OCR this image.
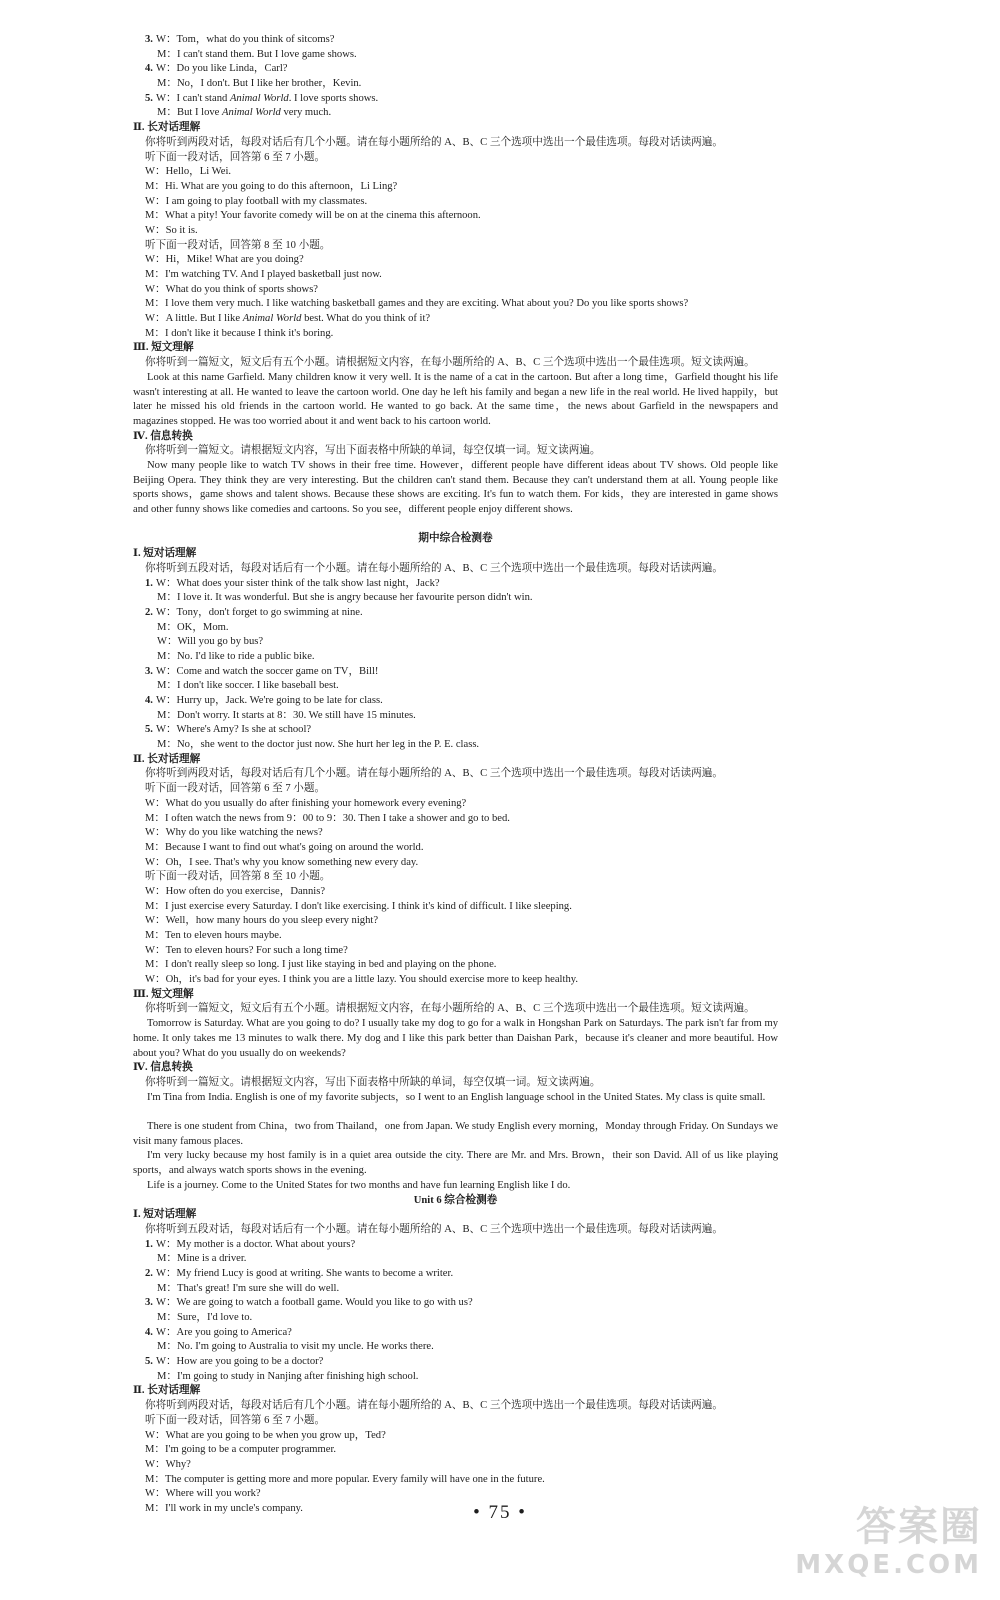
3. W：Tom，what do you think of sitcoms?
M：I can't stand them. But I love game shows.
4. W：Do you like Linda，Carl?
M：No，I don't. But I like her brother，Kevin.
5. W：I can't stand Animal World. I love sports shows.
M：But I love Animal World very much.
Ⅱ. 长对话理解
你将听到两段对话，每段对话后有几个小题。请在每小题所给的 A、B、C 三个选项中选出一个最佳选项。每段对话读两遍。
听下面一段对话，回答第 6 至 7 小题。
W：Hello，Li Wei.
M：Hi. What are you going to do this afternoon，Li Ling?
W：I am going to play football with my classmates.
M：What a pity! Your favorite comedy will be on at the cinema this afternoon.
W：So it is.
听下面一段对话，回答第 8 至 10 小题。
W：Hi，Mike! What are you doing?
M：I'm watching TV. And I played basketball just now.
W：What do you think of sports shows?
M：I love them very much. I like watching basketball games and they are exciting. What about you? Do you like sports shows?
W：A little. But I like Animal World best. What do you think of it?
M：I don't like it because I think it's boring.
Ⅲ. 短文理解
你将听到一篇短文，短文后有五个小题。请根据短文内容，在每小题所给的 A、B、C 三个选项中选出一个最佳选项。短文读两遍。
Look at this name Garfield. Many children know it very well. It is the name of a cat in the cartoon. But after a long time，Garfield thought his life wasn't interesting at all. He wanted to leave the cartoon world. One day he left his family and began a new life in the real world. He lived happily，but later he missed his old friends in the cartoon world. He wanted to go back. At the same time，the news about Garfield in the newspapers and magazines stopped. He was too worried about it and went back to his cartoon world.
Ⅳ. 信息转换
你将听到一篇短文。请根据短文内容，写出下面表格中所缺的单词，每空仅填一词。短文读两遍。
Now many people like to watch TV shows in their free time. However，different people have different ideas about TV shows. Old people like Beijing Opera. They think they are very interesting. But the children can't stand them. Because they can't understand them at all. Young people like sports shows，game shows and talent shows. Because these shows are exciting. It's fun to watch them. For kids，they are interested in game shows and other funny shows like comedies and cartoons. So you see，different people enjoy different shows.
期中综合检测卷
Ⅰ. 短对话理解
你将听到五段对话，每段对话后有一个小题。请在每小题所给的 A、B、C 三个选项中选出一个最佳选项。每段对话读两遍。
1. W：What does your sister think of the talk show last night，Jack?
M：I love it. It was wonderful. But she is angry because her favourite person didn't win.
2. W：Tony，don't forget to go swimming at nine.
M：OK，Mom.
W：Will you go by bus?
M：No. I'd like to ride a public bike.
3. W：Come and watch the soccer game on TV，Bill!
M：I don't like soccer. I like baseball best.
4. W：Hurry up，Jack. We're going to be late for class.
M：Don't worry. It starts at 8：30. We still have 15 minutes.
5. W：Where's Amy? Is she at school?
M：No，she went to the doctor just now. She hurt her leg in the P. E. class.
Ⅱ. 长对话理解
你将听到两段对话，每段对话后有几个小题。请在每小题所给的 A、B、C 三个选项中选出一个最佳选项。每段对话读两遍。
听下面一段对话，回答第 6 至 7 小题。
W：What do you usually do after finishing your homework every evening?
M：I often watch the news from 9：00 to 9：30. Then I take a shower and go to bed.
W：Why do you like watching the news?
M：Because I want to find out what's going on around the world.
W：Oh，I see. That's why you know something new every day.
听下面一段对话，回答第 8 至 10 小题。
W：How often do you exercise，Dannis?
M：I just exercise every Saturday. I don't like exercising. I think it's kind of difficult. I like sleeping.
W：Well，how many hours do you sleep every night?
M：Ten to eleven hours maybe.
W：Ten to eleven hours? For such a long time?
M：I don't really sleep so long. I just like staying in bed and playing on the phone.
W：Oh，it's bad for your eyes. I think you are a little lazy. You should exercise more to keep healthy.
Ⅲ. 短文理解
你将听到一篇短文，短文后有五个小题。请根据短文内容，在每小题所给的 A、B、C 三个选项中选出一个最佳选项。短文读两遍。
Tomorrow is Saturday. What are you going to do? I usually take my dog to go for a walk in Hongshan Park on Saturdays. The park isn't far from my home. It only takes me 13 minutes to walk there. My dog and I like this park better than Daishan Park，because it's cleaner and more beautiful. How about you? What do you usually do on weekends?
Ⅳ. 信息转换
你将听到一篇短文。请根据短文内容，写出下面表格中所缺的单词，每空仅填一词。短文读两遍。
I'm Tina from India. English is one of my favorite subjects，so I went to an English language school in the United States. My class is quite small.
There is one student from China，two from Thailand，one from Japan. We study English every morning，Monday through Friday. On Sundays we visit many famous places.
I'm very lucky because my host family is in a quiet area outside the city. There are Mr. and Mrs. Brown，their son David. All of us like playing sports，and always watch sports shows in the evening.
Life is a journey. Come to the United States for two months and have fun learning English like I do.
Unit 6 综合检测卷
Ⅰ. 短对话理解
你将听到五段对话，每段对话后有一个小题。请在每小题所给的 A、B、C 三个选项中选出一个最佳选项。每段对话读两遍。
1. W：My mother is a doctor. What about yours?
M：Mine is a driver.
2. W：My friend Lucy is good at writing. She wants to become a writer.
M：That's great! I'm sure she will do well.
3. W：We are going to watch a football game. Would you like to go with us?
M：Sure，I'd love to.
4. W：Are you going to America?
M：No. I'm going to Australia to visit my uncle. He works there.
5. W：How are you going to be a doctor?
M：I'm going to study in Nanjing after finishing high school.
Ⅱ. 长对话理解
你将听到两段对话，每段对话后有几个小题。请在每小题所给的 A、B、C 三个选项中选出一个最佳选项。每段对话读两遍。
听下面一段对话，回答第 6 至 7 小题。
W：What are you going to be when you grow up，Ted?
M：I'm going to be a computer programmer.
W：Why?
M：The computer is getting more and more popular. Every family will have one in the future.
W：Where will you work?
M：I'll work in my uncle's company.	• 75 •	答案圈
MXQE.COM
